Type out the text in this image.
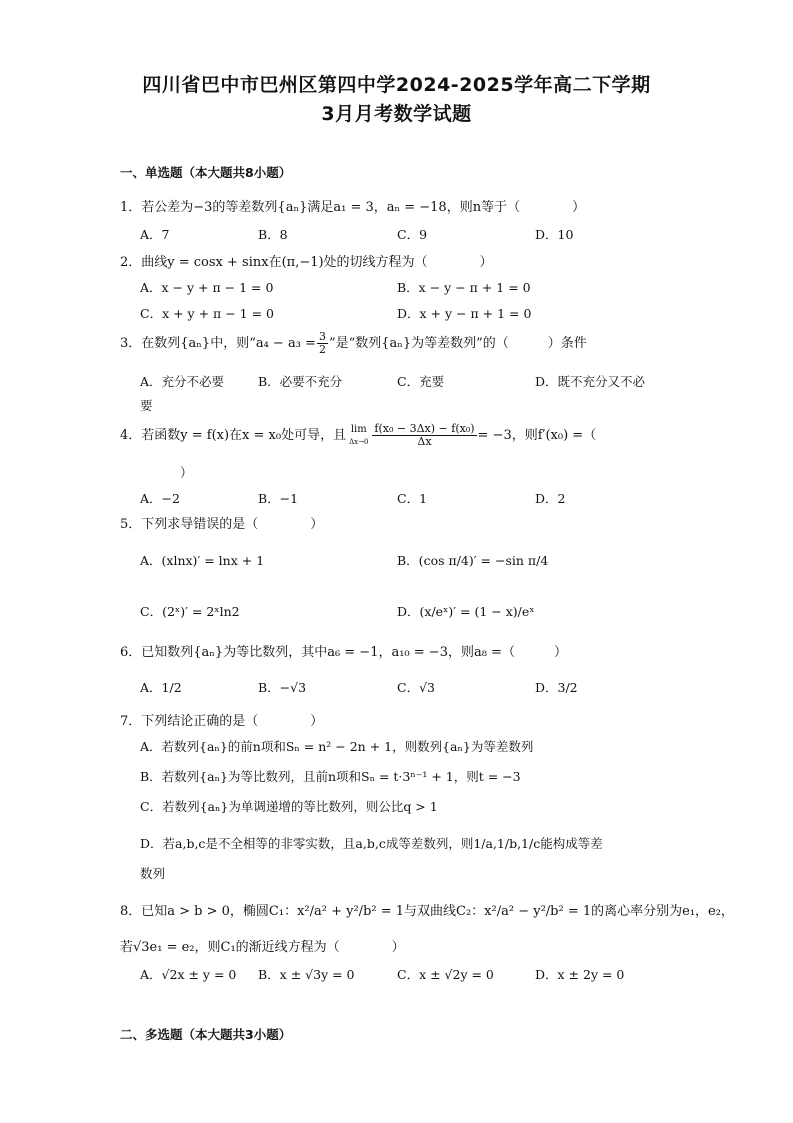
四川省巴中市巴州区第四中学2024-2025学年高二下学期
3月月考数学试题
一、单选题（本大题共8小题）
1．若公差为−3的等差数列{aₙ}满足a₁ = 3，aₙ = −18，则n等于（　　　　）
A．7	B．8	C．9	D．10
2．曲线y = cosx + sinx在(π,−1)处的切线方程为（　　　　）
A．x − y + π − 1 = 0	B．x − y − π + 1 = 0
C．x + y + π − 1 = 0	D．x + y − π + 1 = 0
3．在数列{aₙ}中，则“$a_4 - a_3 = \frac{3}{2}$ ”是“数列{aₙ}为等差数列”的（　　　）条件
A．充分不必要	B．必要不充分	C．充要	D．既不充分又不必
要
4．若函数y = f(x)在x = x₀处可导，且 lim
$\Delta x\to 0 \frac{\text{f(x₀ − 3Δx) − f(x₀)}}{\Delta x} = -3$，则f′(x₀) =（
）
A．−2	B．−1	C．1	D．2
5．下列求导错误的是（　　　　）
A．(xlnx)′ = lnx + 1	B．(cos π/4)′ = −sin π/4
C．(2ˣ)′ = 2ˣln2	D．(x/eˣ)′ = (1 − x)/eˣ
6．已知数列{aₙ}为等比数列，其中a₆ = −1，a₁₀ = −3，则a₈ =（　　　）
A．1/2	B．−√3	C．√3	D．3/2
7．下列结论正确的是（　　　　）
A．若数列{aₙ}的前n项和Sₙ = n² − 2n + 1，则数列{aₙ}为等差数列
B．若数列{aₙ}为等比数列，且前n项和Sₙ = t·3ⁿ⁻¹ + 1，则t = −3
C．若数列{aₙ}为单调递增的等比数列，则公比q > 1
D．若a,b,c是不全相等的非零实数，且a,b,c成等差数列，则1/a,1/b,1/c能构成等差
数列
8．已知a > b > 0，椭圆C₁：x²/a² + y²/b² = 1与双曲线C₂：x²/a² − y²/b² = 1的离心率分别为e₁，e₂，
若√3e₁ = e₂，则C₁的渐近线方程为（　　　　）
A．√2x ± y = 0 B．x ± √3y = 0	C．x ± √2y = 0	D．x ± 2y = 0
二、多选题（本大题共3小题）
